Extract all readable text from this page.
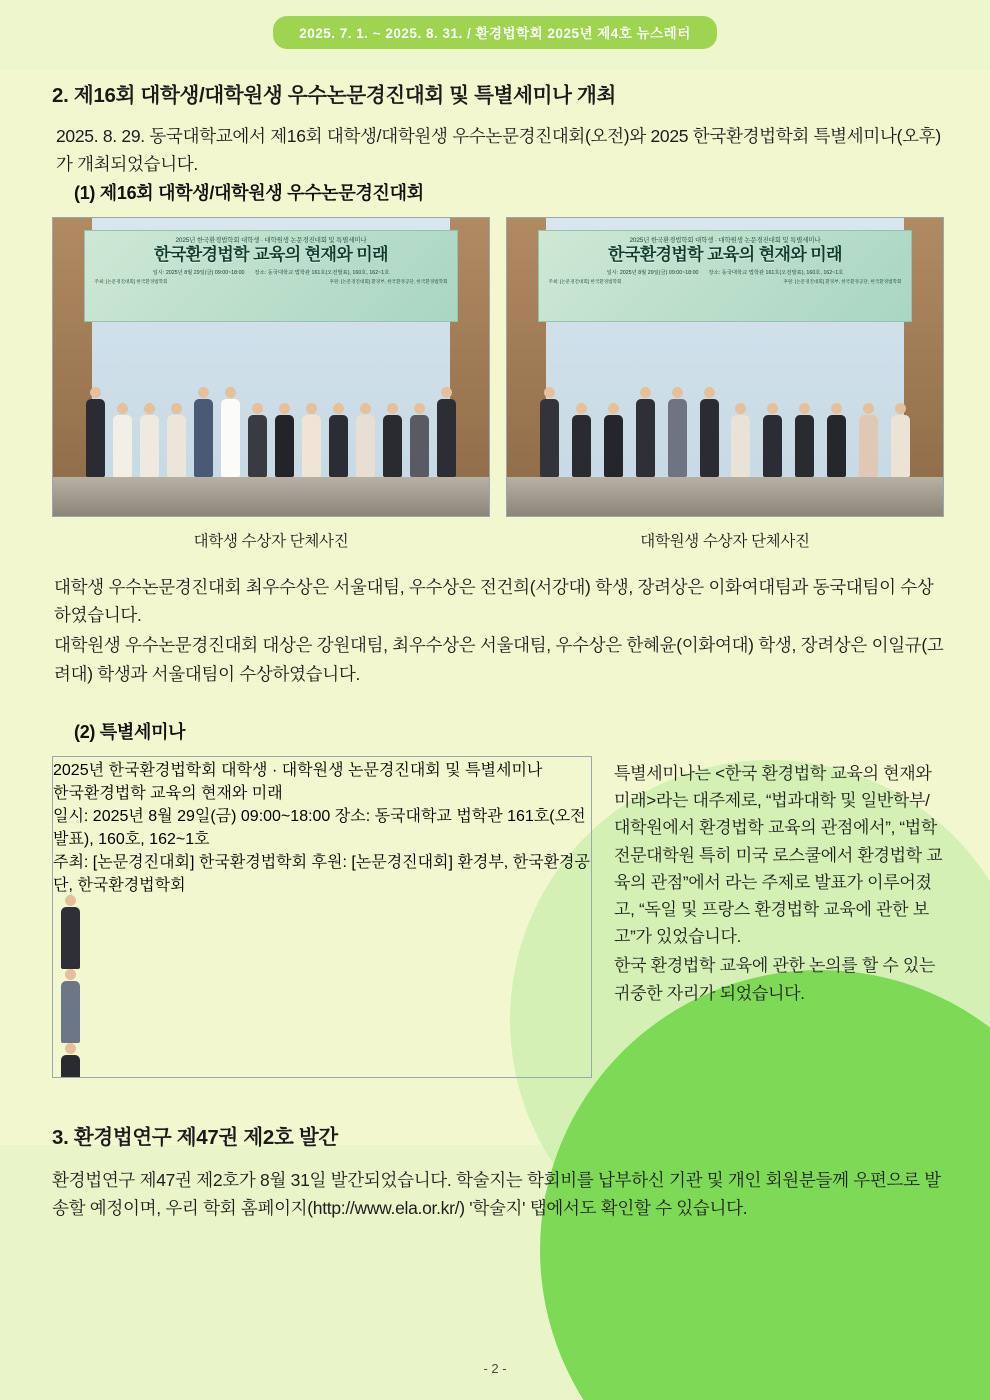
2025. 7. 1. ~ 2025. 8. 31. / 환경법학회 2025년 제4호 뉴스레터
2. 제16회 대학생/대학원생 우수논문경진대회 및 특별세미나 개최

2025. 8. 29. 동국대학교에서 제16회 대학생/대학원생 우수논문경진대회(오전)와 2025 한국환경법학회 특별세미나(오후)가 개최되었습니다.

(1) 제16회 대학생/대학원생 우수논문경진대회
2025년 한국환경법학회 대학생 · 대학원생 논문경진대회 및 특별세미나
한국환경법학 교육의 현재와 미래
일시: 2025년 8월 29일(금) 09:00~18:00 장소: 동국대학교 법학관 161호(오전발표), 160호, 162~1호
주최: [논문경진대회] 한국환경법학회	후원: [논문경진대회] 환경부, 한국환경공단, 한국환경법학회
대학생 수상자 단체사진
2025년 한국환경법학회 대학생 · 대학원생 논문경진대회 및 특별세미나
한국환경법학 교육의 현재와 미래
일시: 2025년 8월 29일(금) 09:00~18:00 장소: 동국대학교 법학관 161호(오전발표), 160호, 162~1호
주최: [논문경진대회] 한국환경법학회	후원: [논문경진대회] 환경부, 한국환경공단, 한국환경법학회
대학원생 수상자 단체사진

대학생 우수논문경진대회 최우수상은 서울대팀, 우수상은 전건희(서강대) 학생, 장려상은 이화여대팀과 동국대팀이 수상하였습니다.

대학원생 우수논문경진대회 대상은 강원대팀, 최우수상은 서울대팀, 우수상은 한혜윤(이화여대) 학생, 장려상은 이일규(고려대) 학생과 서울대팀이 수상하였습니다.

(2) 특별세미나
2025년 한국환경법학회 대학생 · 대학원생 논문경진대회 및 특별세미나
한국환경법학 교육의 현재와 미래
일시: 2025년 8월 29일(금) 09:00~18:00 장소: 동국대학교 법학관 161호(오전발표), 160호, 162~1호
주최: [논문경진대회] 한국환경법학회 후원: [논문경진대회] 환경부, 한국환경공단, 한국환경법학회

특별세미나는 <한국 환경법학 교육의 현재와 미래>라는 대주제로, “법과대학 및 일반학부/대학원에서 환경법학 교육의 관점에서”, “법학전문대학원 특히 미국 로스쿨에서 환경법학 교육의 관점”에서 라는 주제로 발표가 이루어졌고, “독일 및 프랑스 환경법학 교육에 관한 보고”가 있었습니다.

한국 환경법학 교육에 관한 논의를 할 수 있는 귀중한 자리가 되었습니다.

3. 환경법연구 제47권 제2호 발간

환경법연구 제47권 제2호가 8월 31일 발간되었습니다. 학술지는 학회비를 납부하신 기관 및 개인 회원분들께 우편으로 발송할 예정이며, 우리 학회 홈페이지(http://www.ela.or.kr/) '학술지' 탭에서도 확인할 수 있습니다.

- 2 -
